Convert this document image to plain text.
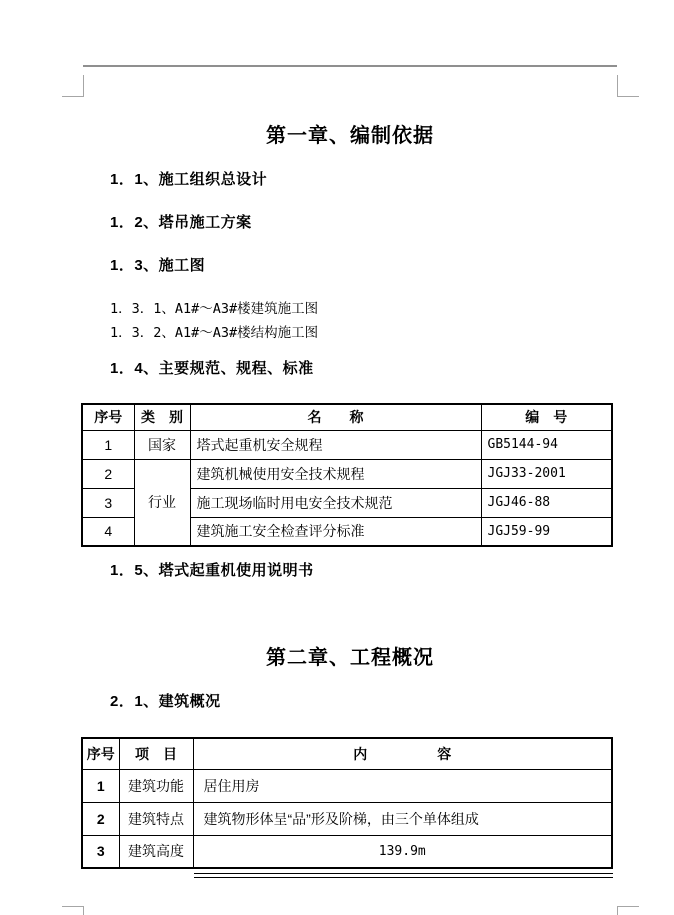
第一章、编制依据
1．1、施工组织总设计
1．2、塔吊施工方案
1．3、施工图
1．3．1、A1#～A3#楼建筑施工图
1．3．2、A1#～A3#楼结构施工图
1．4、主要规范、规程、标准
序号	类　别	名　　称	编　号
1	国家	塔式起重机安全规程	GB5144-94
2	行业	建筑机械使用安全技术规程	JGJ33-2001
3		施工现场临时用电安全技术规范	JGJ46-88
4		建筑施工安全检查评分标准	JGJ59-99
1．5、塔式起重机使用说明书
第二章、工程概况
2．1、建筑概况
序号	项　目	内　　　　　容
1	建筑功能	居住用房
2	建筑特点	建筑物形体呈“品”形及阶梯，由三个单体组成
3	建筑高度	139.9m
